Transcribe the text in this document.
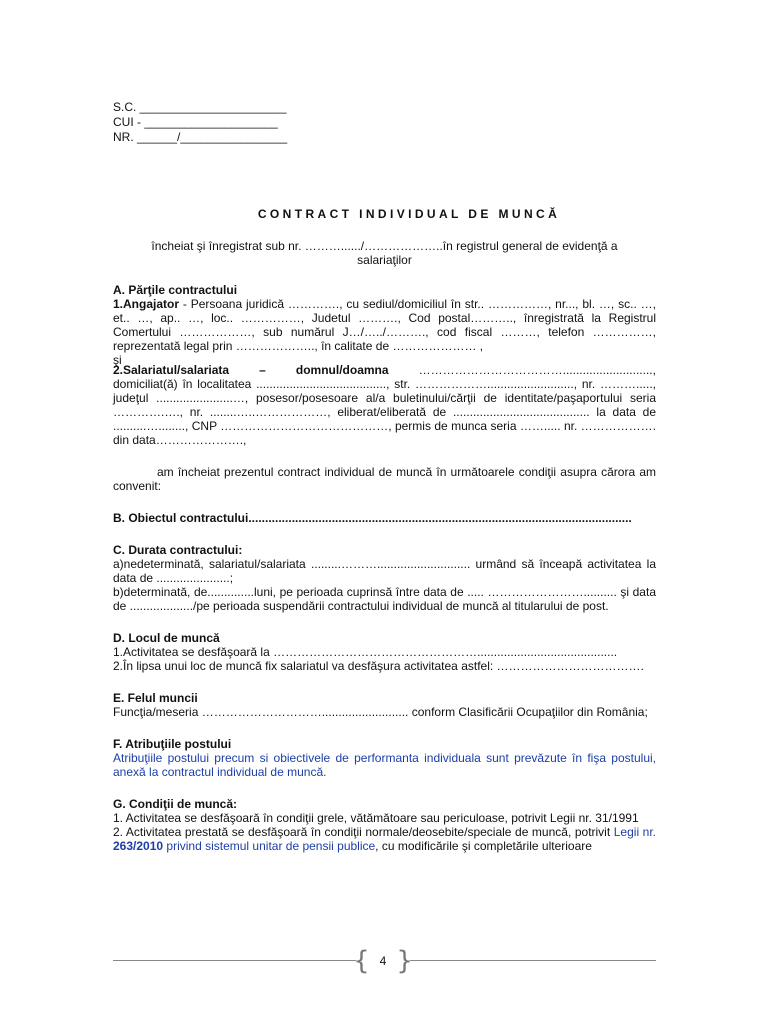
S.C. ______________________
CUI - ____________________
NR. ______/________________
CONTRACT INDIVIDUAL DE MUNCĂ
încheiat şi înregistrat sub nr. ………....../………………..în registrul general de evidenţă a
salariaţilor
A. Părţile contractului
1.Angajator - Persoana juridică …………., cu sediul/domiciliul în str.. ……………, nr..., bl. …, sc.. …, et.. …, ap.. …, loc.. ……………, Judetul ………., Cod postal……….., înregistrată la Registrul Comertului ………………, sub numărul J…/…../………., cod fiscal ………, telefon ……………, reprezentată legal prin ……………….., în calitate de ………………… ,
şi
2.Salariatul/salariata	–	domnul/doamna	………………………………...........................,
domiciliat(ă) în localitatea ......................................., str. ……………….........................., nr. ………....., judeţul .......................…, posesor/posesoare al/a buletinului/cărţii de identitate/paşaportului seria ………….…., nr. ........…..………………, eliberat/eliberată de ......................................... la data de ..........…........, CNP ……………………………………, permis de munca seria ……..... nr. ………………. din data………………….,
am încheiat prezentul contract individual de muncă în următoarele condiţii asupra cărora am convenit:
B. Obiectul contractului...................................................................................................................
C. Durata contractului:
a)nedeterminată, salariatul/salariata .........………............................ urmând să înceapă activitatea la data de ......................;
b)determinată, de..............luni, pe perioada cuprinsă între data de ..... …………………….......... şi data de .................../pe perioada suspendării contractului individual de muncă al titularului de post.
D. Locul de muncă
1.Activitatea se desfăşoară la ……………………………………………..........................................
2.În lipsa unui loc de muncă fix salariatul va desfăşura activitatea astfel: ……………………………….
E. Felul muncii
Funcţia/meseria ………………………….......................... conform Clasificării Ocupaţiilor din România;
F. Atribuţiile postului
Atribuţiile postului precum si obiectivele de performanta individuala sunt prevăzute în fişa postului, anexă la contractul individual de muncă.
G. Condiţii de muncă:
1. Activitatea se desfăşoară în condiţii grele, vătămătoare sau periculoase, potrivit Legii nr. 31/1991
2. Activitatea prestată se desfăşoară în condiţii normale/deosebite/speciale de muncă, potrivit Legii nr. 263/2010 privind sistemul unitar de pensii publice, cu modificările şi completările ulterioare
{ 4 }
